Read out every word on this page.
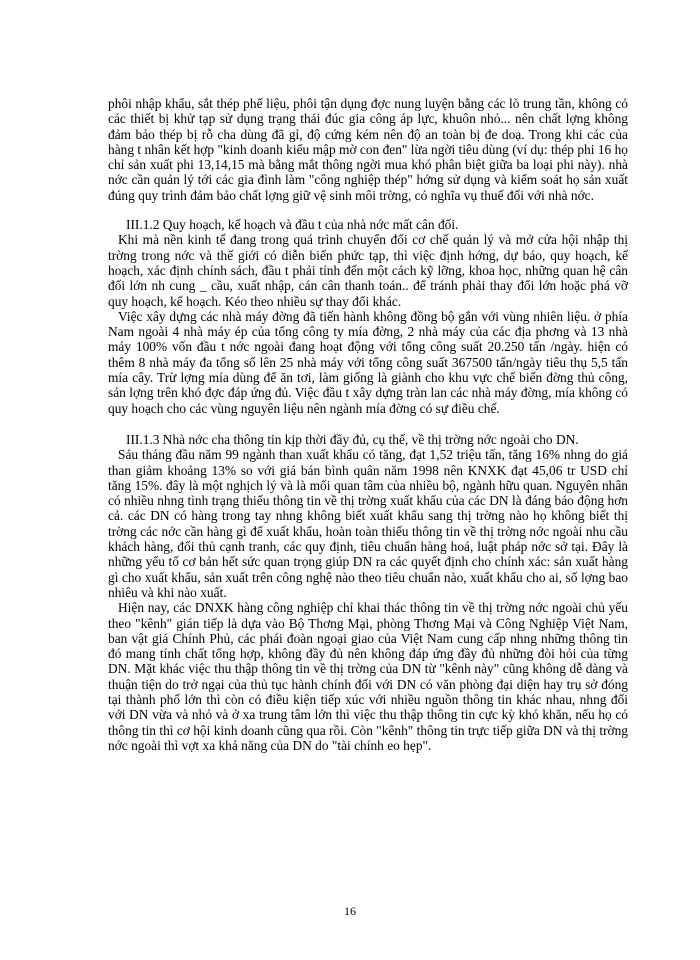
phôi nhập khẩu, sắt thép phế liệu, phôi tận dụng đợc nung luyện bằng các lò trung tần, không có các thiết bị khử tạp sử dụng trạng thái đúc gia công áp lực, khuôn nhỏ... nên chất lợng không đảm bảo thép bị rỗ cha dùng đã gỉ, độ cứng kém nên độ an toàn bị đe doạ. Trong khi các của hàng t nhân kết hợp "kinh doanh kiểu mập mờ con đen" lừa ngời tiêu dùng (ví dụ: thép phi 16 họ chỉ sản xuất phi 13,14,15 mà bằng mắt thông ngời mua khó phân biệt giữa ba loại phi này). nhà nớc cần quản lý tới các gia đình làm "công nghiệp thép" hớng sử dụng và kiểm soát họ sản xuất đúng quy trình đảm bảo chất lợng giữ vệ sinh môi trờng, có nghĩa vụ thuế đối với nhà nớc.

III.1.2 Quy hoạch, kế hoạch và đầu t của nhà nớc mất cân đối.

Khi mà nền kinh tế đang trong quá trình chuyển đổi cơ chế quản lý và mở cửa hội nhập thị trờng trong nớc và thế giới có diễn biến phức tạp, thì việc định hớng, dự báo, quy hoạch, kế hoạch, xác định chính sách, đầu t phải tính đến một cách kỹ lỡng, khoa học, những quan hệ cân đối lớn nh cung _ cầu, xuất nhập, cán cân thanh toán.. để tránh phải thay đổi lớn hoặc phá vỡ quy hoạch, kế hoạch. Kéo theo nhiều sự thay đổi khác.

Việc xây dựng các nhà máy đờng đã tiến hành không đồng bộ gắn với vùng nhiên liệu. ở phía Nam ngoài 4 nhà máy ép của tổng công ty mía đờng, 2 nhà máy của các địa phơng và 13 nhà máy 100% vốn đầu t nớc ngoài đang hoạt động với tổng công suất 20.250 tấn /ngày. hiện có thêm 8 nhà máy đa tổng số lên 25 nhà máy với tổng công suất 367500 tấn/ngày tiêu thụ 5,5 tấn mía cây. Trừ lợng mía dùng để ăn tơi, làm giống là giành cho khu vực chế biến đờng thủ công, sản lợng trên khó đợc đáp ứng đủ. Việc đầu t xây dựng tràn lan các nhà máy đờng, mía không có quy hoạch cho các vùng nguyên liệu nên ngành mía đờng có sự điều chế.

III.1.3 Nhà nớc cha thông tin kịp thời đầy đủ, cụ thể, về thị trờng nớc ngoài cho DN.

Sáu tháng đầu năm 99 ngành than xuất khẩu có tăng, đạt 1,52 triệu tấn, tăng 16% nhng do giá than giảm khoảng 13% so với giá bán bình quân năm 1998 nên KNXK đạt 45,06 tr USD chỉ tăng 15%. đây là một nghịch lý và là mối quan tâm của nhiều bộ, ngành hữu quan. Nguyên nhân có nhiều nhng tình trạng thiếu thông tin về thị trờng xuất khẩu của các DN là đáng báo động hơn cả. các DN có hàng trong tay nhng không biết xuất khẩu sang thị trờng nào họ không biết thị trờng các nớc cần hàng gì để xuất khẩu, hoàn toàn thiếu thông tin về thị trờng nớc ngoài nhu cầu khách hàng, đối thủ cạnh tranh, các quy định, tiêu chuẩn hàng hoá, luật pháp nớc sở tại. Đây là những yếu tố cơ bản hết sức quan trọng giúp DN ra các quyết định cho chính xác: sản xuất hàng gì cho xuất khẩu, sản xuất trên công nghệ nào theo tiêu chuẩn nào, xuất khẩu cho ai, số lợng bao nhiêu và khi nào xuất.

Hiện nay, các DNXK hàng công nghiệp chỉ khai thác thông tin về thị trờng nớc ngoài chủ yếu theo "kênh" gián tiếp là dựa vào Bộ Thơng Mại, phòng Thơng Mại và Công Nghiệp Việt Nam, ban vật giá Chính Phủ, các phái đoàn ngoại giao của Việt Nam cung cấp nhng những thông tin đó mang tính chất tổng hợp, không đầy đủ nên không đáp ứng đầy đủ những đòi hỏi của từng DN. Mặt khác việc thu thập thông tin về thị trờng của DN từ "kênh này" cũng không dễ dàng và thuận tiện do trở ngại của thủ tục hành chính đối với DN có văn phòng đại diện hay trụ sở đóng tại thành phố lớn thì còn có điều kiện tiếp xúc với nhiều nguồn thông tin khác nhau, nhng đối với DN vừa và nhỏ và ở xa trung tâm lớn thì việc thu thập thông tin cực kỳ khó khăn, nếu họ có thông tin thì cơ hội kinh doanh cũng qua rồi. Còn "kênh" thông tin trực tiếp giữa DN và thị trờng nớc ngoài thì vợt xa khả năng của DN do "tài chính eo hẹp".

16
